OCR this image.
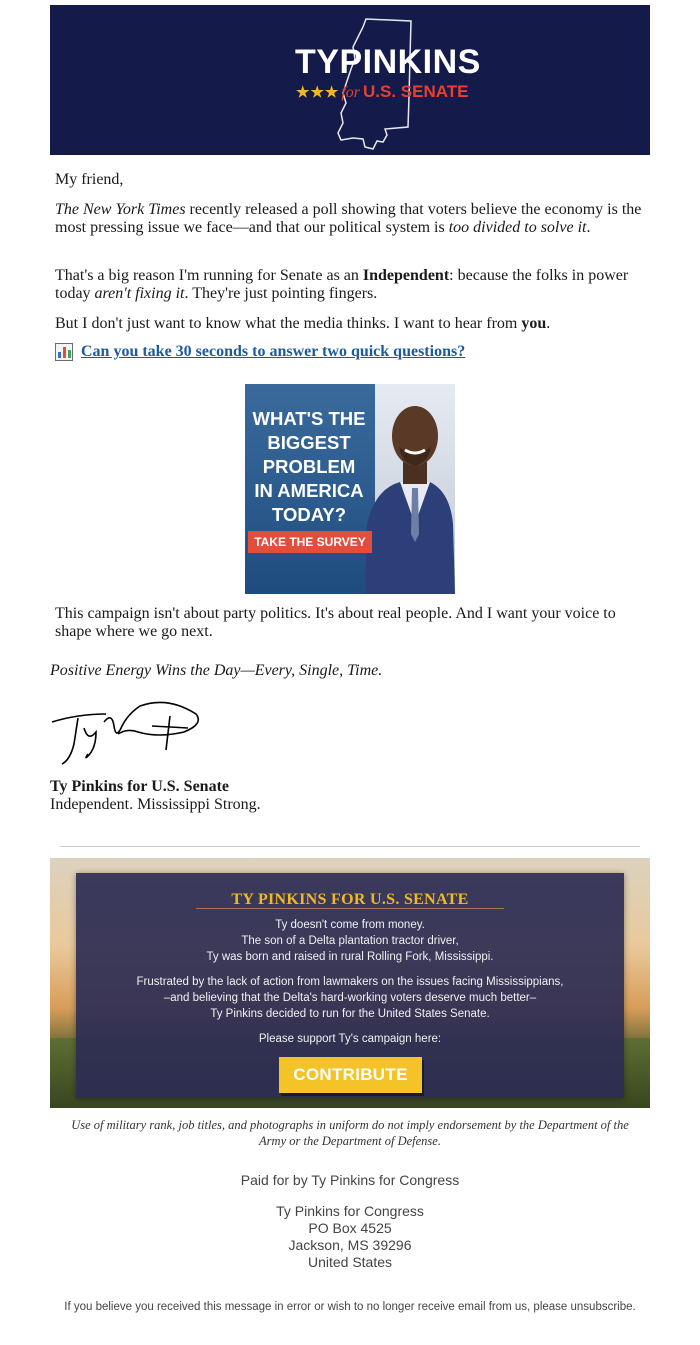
TYPINKINS
★★★ for U.S. SENATE

My friend,

The New York Times recently released a poll showing that voters believe the economy is the most pressing issue we face—and that our political system is too divided to solve it.

That's a big reason I'm running for Senate as an Independent: because the folks in power today aren't fixing it. They're just pointing fingers.

But I don't just want to know what the media thinks. I want to hear from you.

Can you take 30 seconds to answer two quick questions?
WHAT'S THE
BIGGEST
PROBLEM
IN AMERICA
TODAY?
TAKE THE SURVEY

This campaign isn't about party politics. It's about real people. And I want your voice to shape where we go next.

Positive Energy Wins the Day—Every, Single, Time.
Ty Pinkins for U.S. Senate
Independent. Mississippi Strong.
TY PINKINS FOR U.S. SENATE
Ty doesn't come from money.
The son of a Delta plantation tractor driver,
Ty was born and raised in rural Rolling Fork, Mississippi.
Frustrated by the lack of action from lawmakers on the issues facing Mississippians,
–and believing that the Delta's hard-working voters deserve much better–
Ty Pinkins decided to run for the United States Senate.
Please support Ty's campaign here:
CONTRIBUTE
Use of military rank, job titles, and photographs in uniform do not imply endorsement by the Department of the Army or the Department of Defense.
Paid for by Ty Pinkins for Congress
Ty Pinkins for Congress
PO Box 4525
Jackson, MS 39296
United States
If you believe you received this message in error or wish to no longer receive email from us, please unsubscribe.
